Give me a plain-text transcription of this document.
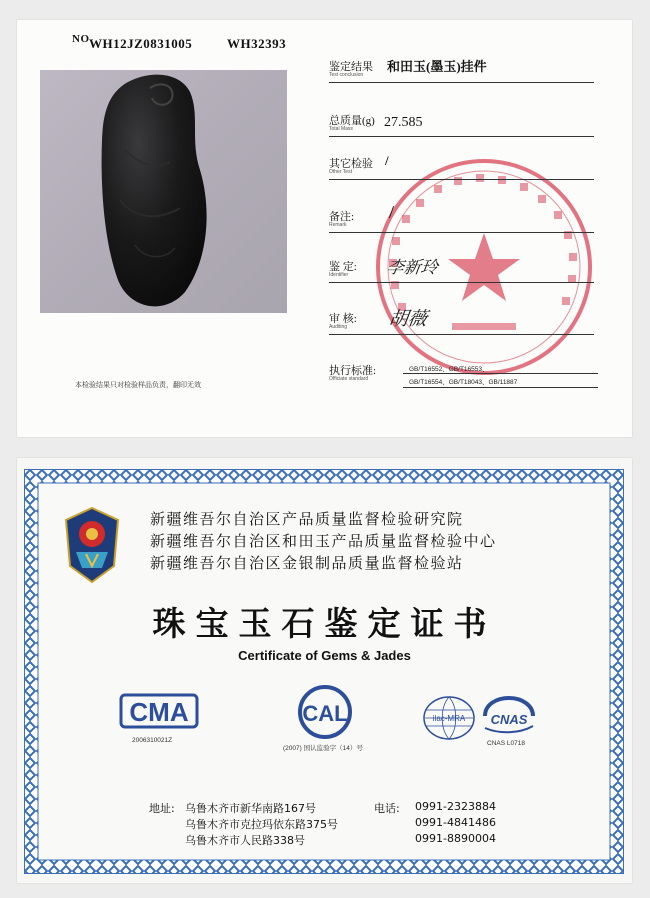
NO WH12JZ0831005	WH32393
本检验结果只对检验样品负责，翻印无效
鉴定结果
Test conclusion
和田玉(墨玉)挂件
总质量(g)
Total Mass 27.585
其它检验
Other Test
/
备注:
Remark
/
鉴 定:
Identifier 李新玲
审 核:
Auditing 胡薇
执行标准:
Officiate standard
GB/T16552、GB/T16553、
GB/T16554、GB/T18043、GB/11887
新疆维吾尔自治区产品质量监督检验研究院
新疆维吾尔自治区和田玉产品质量监督检验中心
新疆维吾尔自治区金银制品质量监督检验站
珠宝玉石鉴定证书
Certificate of Gems & Jades
CMA
2006310021Z
CAL
(2007) 国认监验字（14）号
ilac-MRA CNAS
CNAS L0718
地址: 乌鲁木齐市新华南路167号
乌鲁木齐市克拉玛依东路375号
乌鲁木齐市人民路338号
电话: 0991-2323884
0991-4841486
0991-8890004
